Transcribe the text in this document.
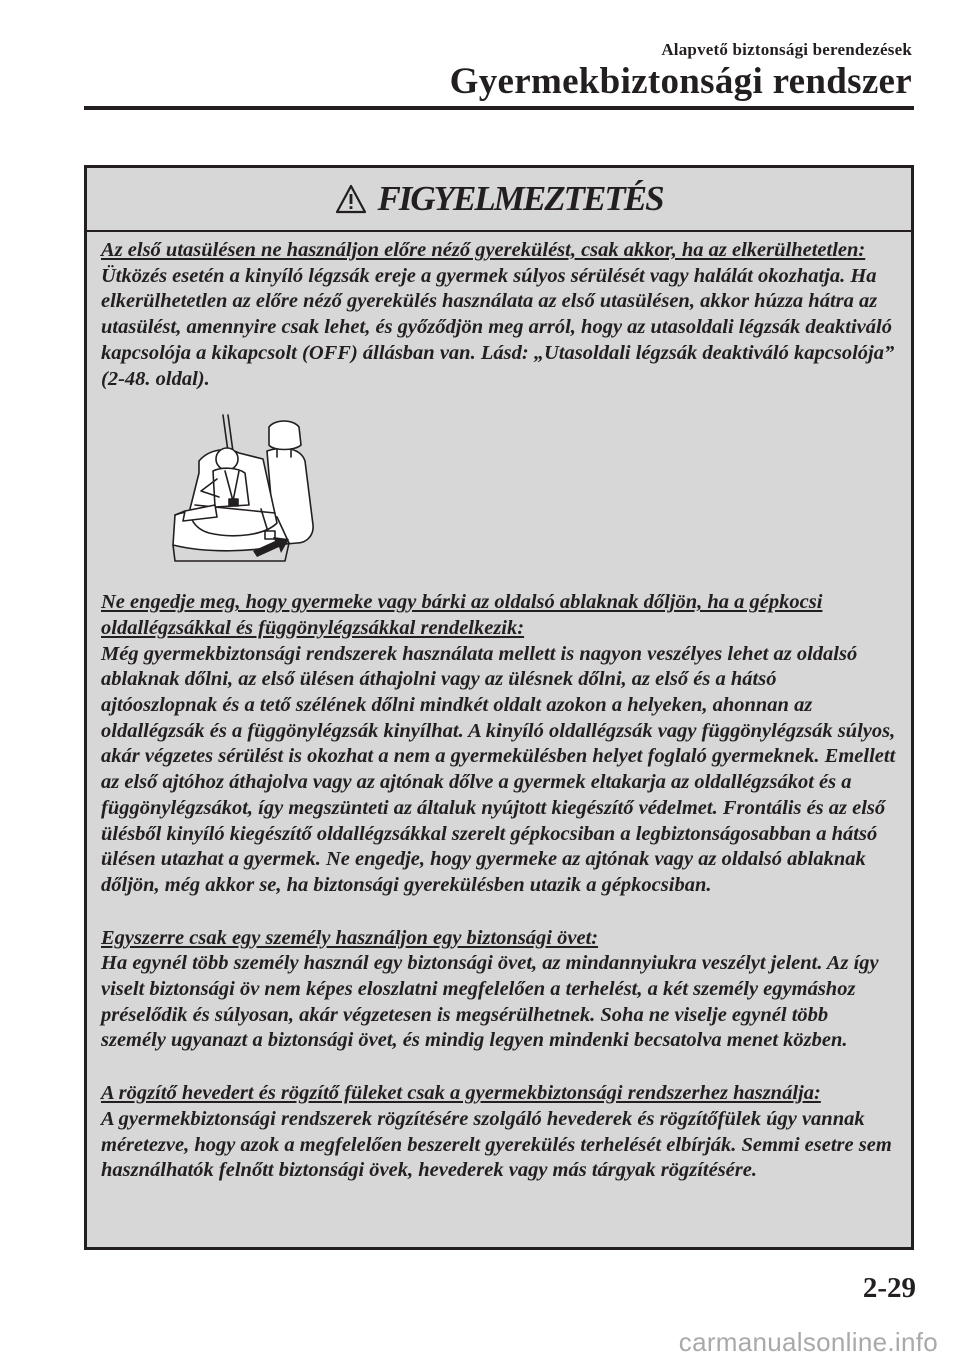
Alapvető biztonsági berendezések
Gyermekbiztonsági rendszer
FIGYELMEZTETÉS
Az első utasülésen ne használjon előre néző gyerekülést, csak akkor, ha az elkerülhetetlen:
Ütközés esetén a kinyíló légzsák ereje a gyermek súlyos sérülését vagy halálát okozhatja. Ha elkerülhetetlen az előre néző gyerekülés használata az első utasülésen, akkor húzza hátra az utasülést, amennyire csak lehet, és győződjön meg arról, hogy az utasoldali légzsák deaktiváló kapcsolója a kikapcsolt (OFF) állásban van. Lásd: „Utasoldali légzsák deaktiváló kapcsolója” (2-48. oldal).
Ne engedje meg, hogy gyermeke vagy bárki az oldalsó ablaknak dőljön, ha a gépkocsi oldallégzsákkal és függönylégzsákkal rendelkezik:
Még gyermekbiztonsági rendszerek használata mellett is nagyon veszélyes lehet az oldalsó ablaknak dőlni, az első ülésen áthajolni vagy az ülésnek dőlni, az első és a hátsó ajtóoszlopnak és a tető szélének dőlni mindkét oldalt azokon a helyeken, ahonnan az oldallégzsák és a függönylégzsák kinyílhat. A kinyíló oldallégzsák vagy függönylégzsák súlyos, akár végzetes sérülést is okozhat a nem a gyermekülésben helyet foglaló gyermeknek. Emellett az első ajtóhoz áthajolva vagy az ajtónak dőlve a gyermek eltakarja az oldallégzsákot és a függönylégzsákot, így megszünteti az általuk nyújtott kiegészítő védelmet. Frontális és az első ülésből kinyíló kiegészítő oldallégzsákkal szerelt gépkocsiban a legbiztonságosabban a hátsó ülésen utazhat a gyermek. Ne engedje, hogy gyermeke az ajtónak vagy az oldalsó ablaknak dőljön, még akkor se, ha biztonsági gyerekülésben utazik a gépkocsiban.
Egyszerre csak egy személy használjon egy biztonsági övet:
Ha egynél több személy használ egy biztonsági övet, az mindannyiukra veszélyt jelent. Az így viselt biztonsági öv nem képes eloszlatni megfelelően a terhelést, a két személy egymáshoz préselődik és súlyosan, akár végzetesen is megsérülhetnek. Soha ne viselje egynél több személy ugyanazt a biztonsági övet, és mindig legyen mindenki becsatolva menet közben.
A rögzítő hevedert és rögzítő füleket csak a gyermekbiztonsági rendszerhez használja:
A gyermekbiztonsági rendszerek rögzítésére szolgáló hevederek és rögzítőfülek úgy vannak méretezve, hogy azok a megfelelően beszerelt gyerekülés terhelését elbírják. Semmi esetre sem használhatók felnőtt biztonsági övek, hevederek vagy más tárgyak rögzítésére.
2-29
carmanualsonline.info
